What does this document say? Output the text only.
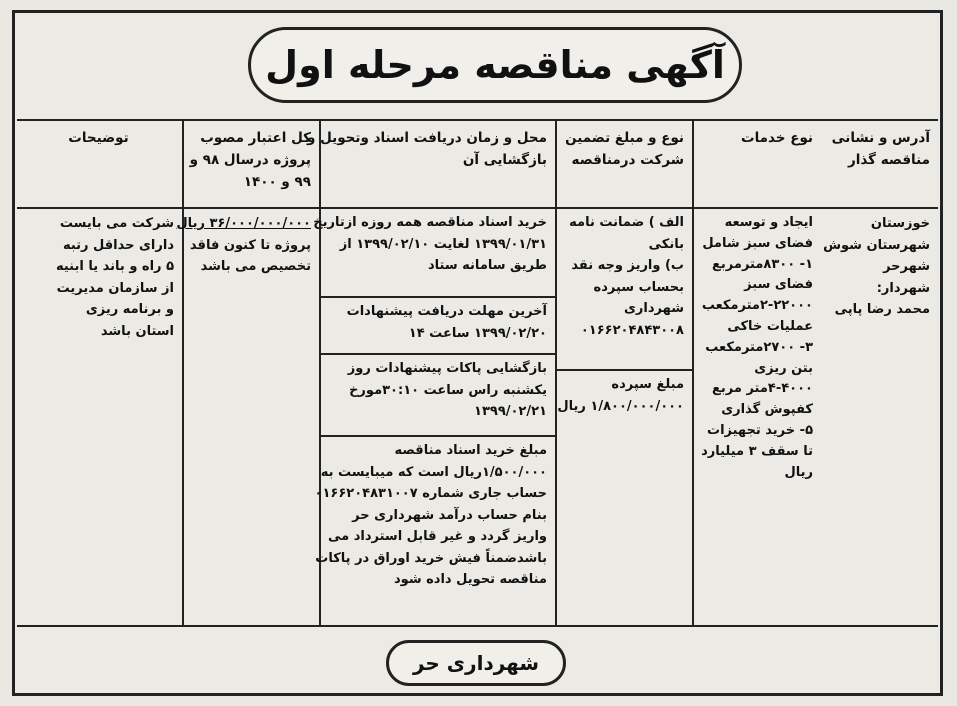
آگهی مناقصه مرحله اول
آدرس و نشانی
مناقصه گذار
خوزستان
شهرستان شوش
شهرحر
شهردار:
محمد رضا پاپی
نوع خدمات
ایجاد و توسعه
فضای سبز شامل
۱- ۸۳۰۰مترمربع
فضای سبز
۲-۲۲۰۰۰مترمکعب
عملیات خاکی
۳- ۲۷۰۰مترمکعب
بتن ریزی
۴-۴۰۰۰متر مربع
کفپوش گذاری
۵- خرید تجهیزات
تا سقف ۳ میلیارد
ریال
نوع و مبلغ تضمین
شرکت درمناقصه
الف ) ضمانت نامه
بانکی
ب) واریز وجه نقد
بحساب سپرده
شهرداری
۰۱۶۶۲۰۴۸۴۳۰۰۸
مبلغ سپرده
۱/۸۰۰/۰۰۰/۰۰۰ ریال
محل و زمان دریافت اسناد وتحویل و
بازگشایی آن
خرید اسناد مناقصه همه روزه ازتاریخ
۱۳۹۹/۰۱/۳۱ لغایت ۱۳۹۹/۰۲/۱۰ از
طریق سامانه ستاد
آخرین مهلت دریافت پیشنهادات
۱۳۹۹/۰۲/۲۰ ساعت ۱۴
بازگشایی پاکات پیشنهادات روز
یکشنبه راس ساعت ۳۰:۱۰مورخ
۱۳۹۹/۰۲/۲۱
مبلغ خرید اسناد مناقصه
۱/۵۰۰/۰۰۰ریال است که میبایست به
حساب جاری شماره ۰۱۶۶۲۰۴۸۳۱۰۰۷
بنام حساب درآمد شهرداری حر
واریز گردد و غیر قابل استرداد می
باشدضمناً فیش خرید اوراق در پاکات
مناقصه تحویل داده شود
کل اعتبار مصوب
پروژه درسال ۹۸ و
۹۹ و ۱۴۰۰
۳۶/۰۰۰/۰۰۰/۰۰۰ ریال
پروژه تا کنون فاقد
تخصیص می باشد
توضیحات
شرکت می بایست
دارای حداقل رتبه
۵ راه و باند یا ابنیه
از سازمان مدیریت
و برنامه ریزی
استان باشد
شهرداری حر
